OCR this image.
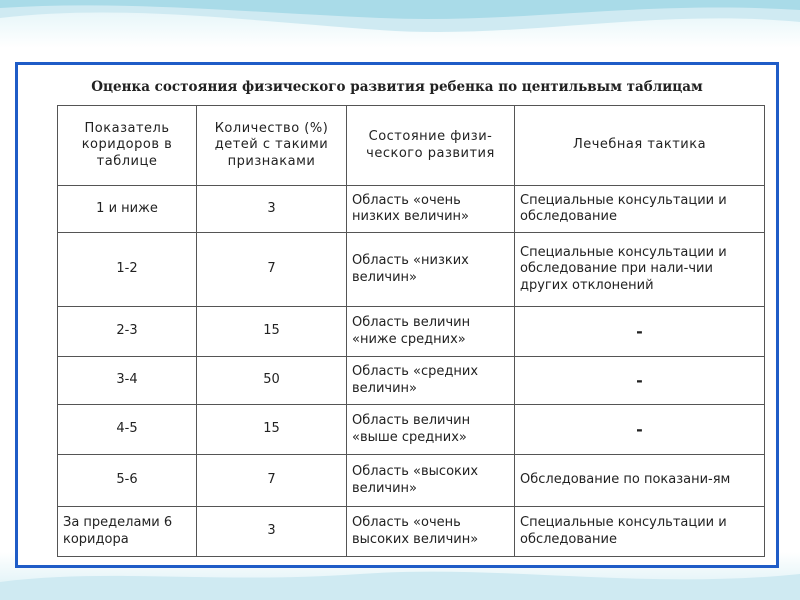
Оценка состояния физического развития ребенка по центильвым таблицам
Показатель коридоров в таблице	Количество (%) детей с такими признаками	Состояние физи-ческого развития	Лечебная тактика
1 и ниже	3	Область «очень низких величин»	Специальные консультации и обследование
1-2	7	Область «низких величин»	Специальные консультации и обследование при нали-чии других отклонений
2-3	15	Область величин «ниже средних»	-
3-4	50	Область «средних величин»	-
4-5	15	Область величин «выше средних»	-
5-6	7	Область «высоких величин»	Обследование по показани-ям
За пределами 6 коридора	3	Область «очень высоких величин»	Специальные консультации и обследование
